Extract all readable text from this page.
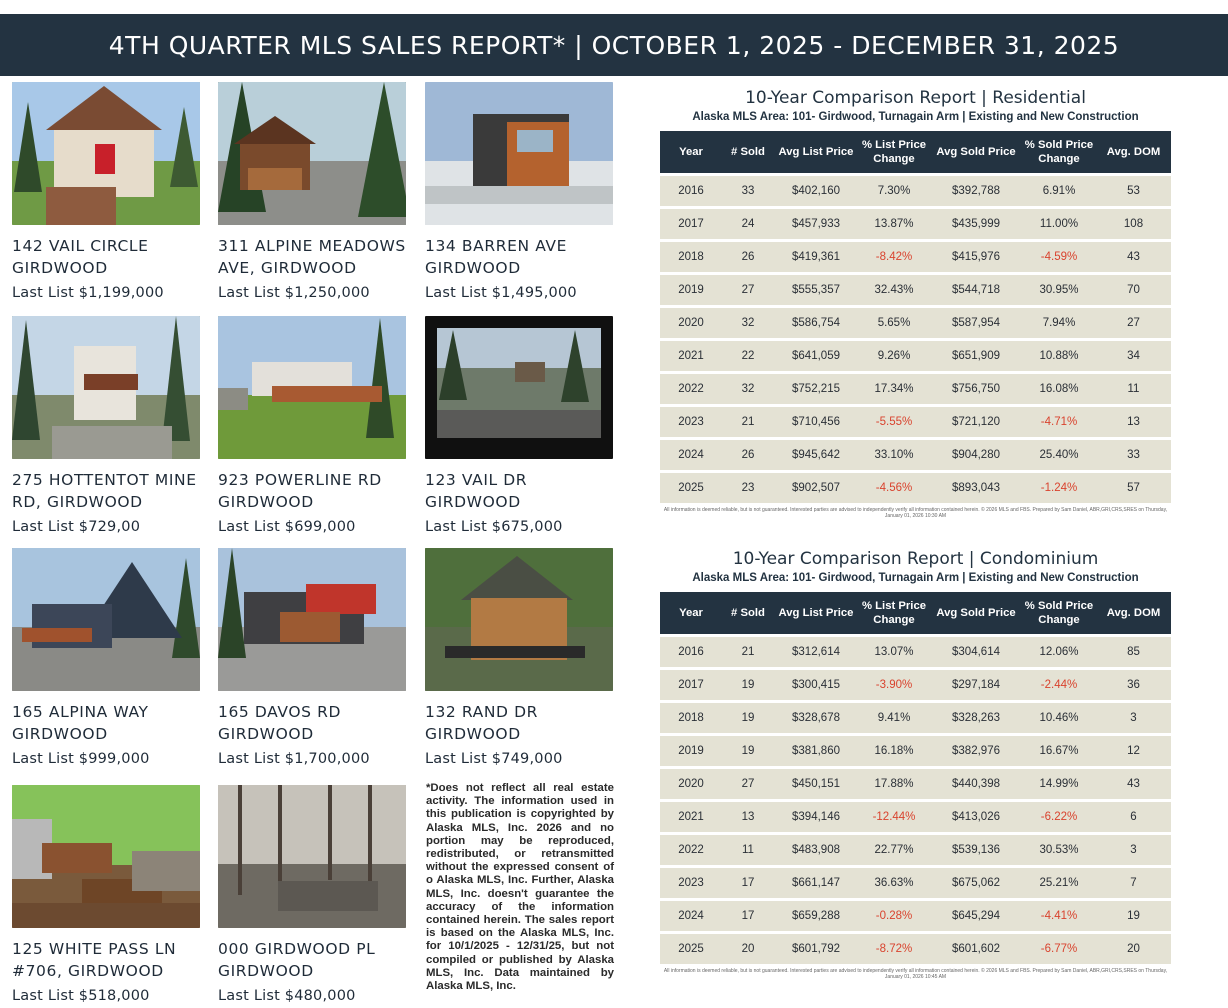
4TH QUARTER MLS SALES REPORT* | OCTOBER 1, 2025 - DECEMBER 31, 2025
142 VAIL CIRCLE
GIRDWOOD
Last List $1,199,000
311 ALPINE MEADOWS
AVE, GIRDWOOD
Last List $1,250,000
134 BARREN AVE
GIRDWOOD
Last List $1,495,000
275 HOTTENTOT MINE
RD, GIRDWOOD
Last List $729,00
923 POWERLINE RD
GIRDWOOD
Last List $699,000
123 VAIL DR
GIRDWOOD
Last List $675,000
165 ALPINA WAY
GIRDWOOD
Last List $999,000
165 DAVOS RD
GIRDWOOD
Last List $1,700,000
132 RAND DR
GIRDWOOD
Last List $749,000
125 WHITE PASS LN
#706, GIRDWOOD
Last List $518,000
000 GIRDWOOD PL
GIRDWOOD
Last List $480,000
*Does not reflect all real estate activity. The information used in this publication is copyrighted by Alaska MLS, Inc. 2026 and no portion may be reproduced, redistributed, or retransmitted without the expressed consent of o Alaska MLS, Inc. Further, Alaska MLS, Inc. doesn't guarantee the accuracy of the information contained herein. The sales report is based on the Alaska MLS, Inc. for 10/1/2025 - 12/31/25, but not compiled or published by Alaska MLS, Inc. Data maintained by Alaska MLS, Inc.
10-Year Comparison Report | Residential
Alaska MLS Area: 101- Girdwood, Turnagain Arm | Existing and New Construction
Year	# Sold	Avg List Price	% List Price Change	Avg Sold Price	% Sold Price Change	Avg. DOM
2016	33	$402,160	7.30%	$392,788	6.91%	53
2017	24	$457,933	13.87%	$435,999	11.00%	108
2018	26	$419,361	-8.42%	$415,976	-4.59%	43
2019	27	$555,357	32.43%	$544,718	30.95%	70
2020	32	$586,754	5.65%	$587,954	7.94%	27
2021	22	$641,059	9.26%	$651,909	10.88%	34
2022	32	$752,215	17.34%	$756,750	16.08%	11
2023	21	$710,456	-5.55%	$721,120	-4.71%	13
2024	26	$945,642	33.10%	$904,280	25.40%	33
2025	23	$902,507	-4.56%	$893,043	-1.24%	57
All information is deemed reliable, but is not guaranteed. Interested parties are advised to independently verify all information contained herein. © 2026 MLS and FBS. Prepared by Sam Daniel, ABR,GRI,CRS,SRES on Thursday, January 01, 2026 10:30 AM
10-Year Comparison Report | Condominium
Alaska MLS Area: 101- Girdwood, Turnagain Arm | Existing and New Construction
Year	# Sold	Avg List Price	% List Price Change	Avg Sold Price	% Sold Price Change	Avg. DOM
2016	21	$312,614	13.07%	$304,614	12.06%	85
2017	19	$300,415	-3.90%	$297,184	-2.44%	36
2018	19	$328,678	9.41%	$328,263	10.46%	3
2019	19	$381,860	16.18%	$382,976	16.67%	12
2020	27	$450,151	17.88%	$440,398	14.99%	43
2021	13	$394,146	-12.44%	$413,026	-6.22%	6
2022	11	$483,908	22.77%	$539,136	30.53%	3
2023	17	$661,147	36.63%	$675,062	25.21%	7
2024	17	$659,288	-0.28%	$645,294	-4.41%	19
2025	20	$601,792	-8.72%	$601,602	-6.77%	20
All information is deemed reliable, but is not guaranteed. Interested parties are advised to independently verify all information contained herein. © 2026 MLS and FBS. Prepared by Sam Daniel, ABR,GRI,CRS,SRES on Thursday, January 01, 2026 10:45 AM
